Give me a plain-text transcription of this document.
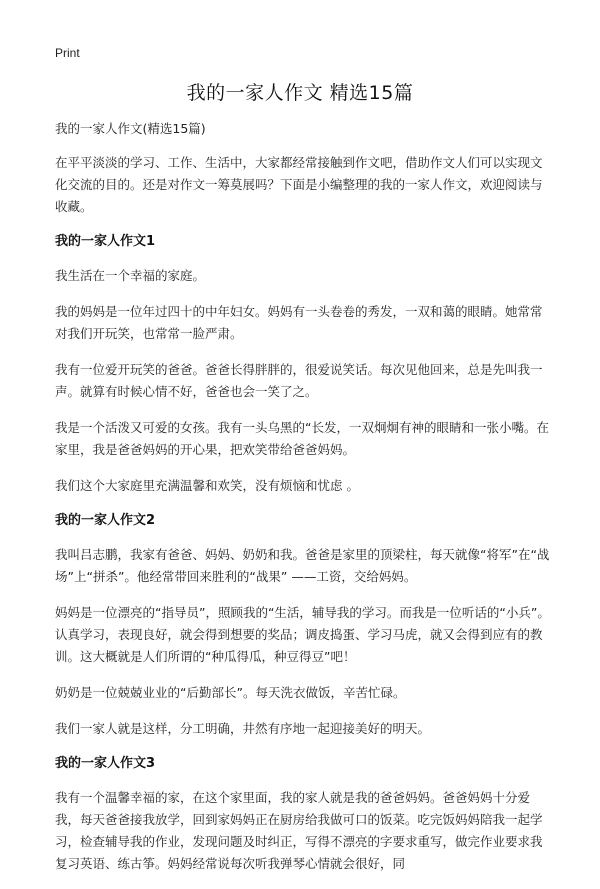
Print
我的一家人作文 精选15篇

我的一家人作文(精选15篇)

在平平淡淡的学习、工作、生活中，大家都经常接触到作文吧，借助作文人们可以实现文化交流的目的。还是对作文一筹莫展吗？下面是小编整理的我的一家人作文，欢迎阅读与收藏。

我的一家人作文1

我生活在一个幸福的家庭。

我的妈妈是一位年过四十的中年妇女。妈妈有一头卷卷的秀发，一双和蔼的眼睛。她常常对我们开玩笑，也常常一脸严肃。

我有一位爱开玩笑的爸爸。爸爸长得胖胖的，很爱说笑话。每次见他回来，总是先叫我一声。就算有时候心情不好，爸爸也会一笑了之。

我是一个活泼又可爱的女孩。我有一头乌黑的“长发，一双炯炯有神的眼睛和一张小嘴。在家里，我是爸爸妈妈的开心果，把欢笑带给爸爸妈妈。

我们这个大家庭里充满温馨和欢笑，没有烦恼和忧虑 。

我的一家人作文2

我叫吕志鹏，我家有爸爸、妈妈、奶奶和我。爸爸是家里的顶梁柱，每天就像“将军”在“战场”上“拼杀”。他经常带回来胜利的“战果” ——工资，交给妈妈。

妈妈是一位漂亮的“指导员”，照顾我的“生活，辅导我的学习。而我是一位听话的“小兵”。认真学习，表现良好，就会得到想要的奖品；调皮捣蛋、学习马虎，就又会得到应有的教训。这大概就是人们所谓的“种瓜得瓜，种豆得豆”吧！

奶奶是一位兢兢业业的“后勤部长”。每天洗衣做饭，辛苦忙碌。

我们一家人就是这样，分工明确，井然有序地一起迎接美好的明天。

我的一家人作文3

我有一个温馨幸福的家，在这个家里面，我的家人就是我的爸爸妈妈。爸爸妈妈十分爱我，每天爸爸接我放学，回到家妈妈正在厨房给我做可口的饭菜。吃完饭妈妈陪我一起学习，检查辅导我的作业，发现问题及时纠正，写得不漂亮的字要求重写，做完作业要求我复习英语、练古筝。妈妈经常说每次听我弹琴心情就会很好，同
